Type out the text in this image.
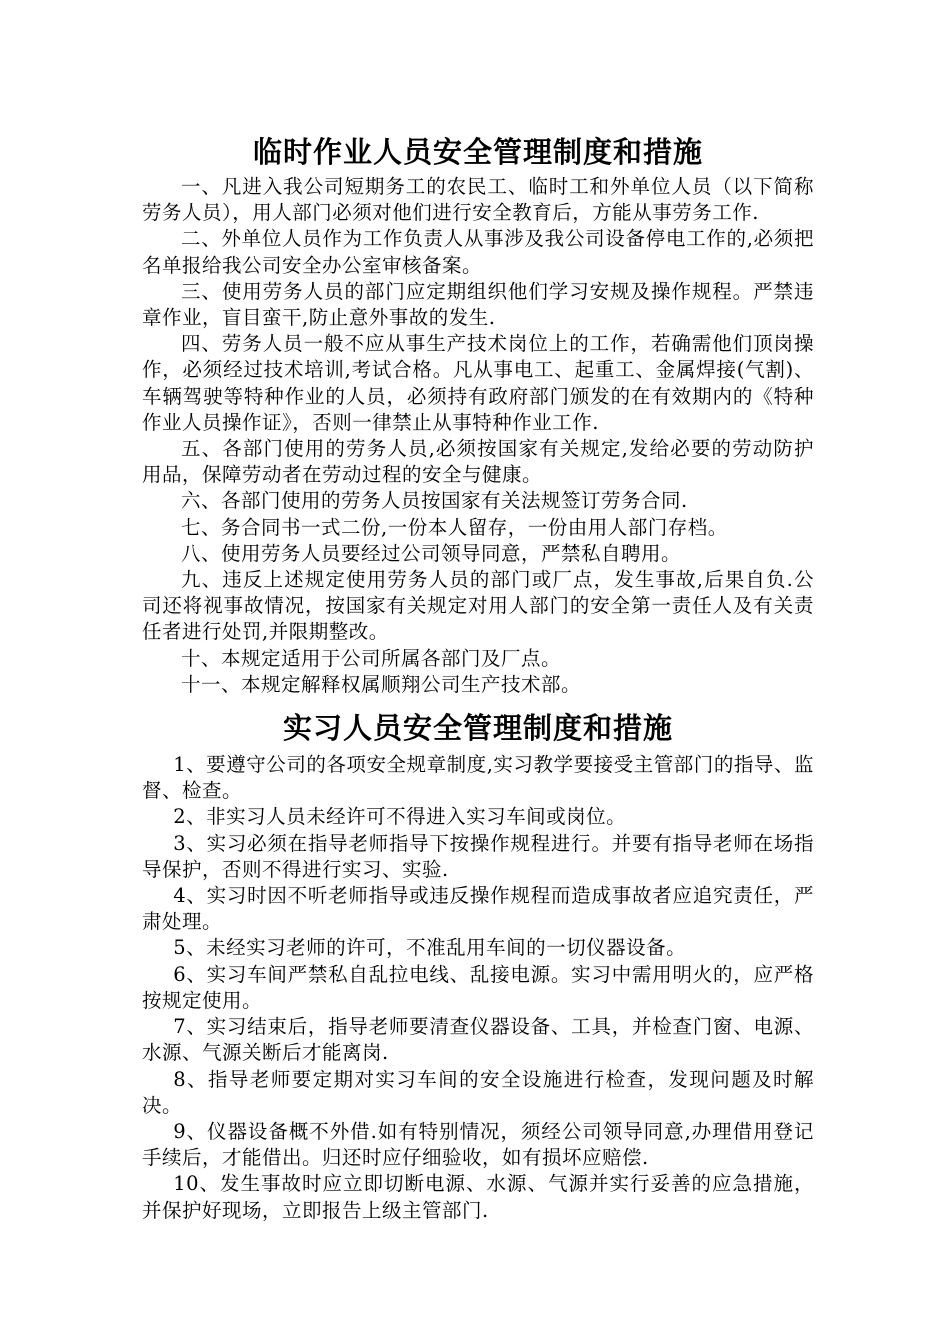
临时作业人员安全管理制度和措施

一、凡进入我公司短期务工的农民工、临时工和外单位人员（以下简称劳务人员），用人部门必须对他们进行安全教育后，方能从事劳务工作.

二、外单位人员作为工作负责人从事涉及我公司设备停电工作的,必须把名单报给我公司安全办公室审核备案。

三、使用劳务人员的部门应定期组织他们学习安规及操作规程。严禁违章作业，盲目蛮干,防止意外事故的发生.

四、劳务人员一般不应从事生产技术岗位上的工作，若确需他们顶岗操作，必须经过技术培训,考试合格。凡从事电工、起重工、金属焊接(气割)、车辆驾驶等特种作业的人员，必须持有政府部门颁发的在有效期内的《特种作业人员操作证》，否则一律禁止从事特种作业工作.

五、各部门使用的劳务人员,必须按国家有关规定,发给必要的劳动防护用品，保障劳动者在劳动过程的安全与健康。

六、各部门使用的劳务人员按国家有关法规签订劳务合同.

七、务合同书一式二份,一份本人留存，一份由用人部门存档。

八、使用劳务人员要经过公司领导同意，严禁私自聘用。

九、违反上述规定使用劳务人员的部门或厂点，发生事故,后果自负.公司还将视事故情况，按国家有关规定对用人部门的安全第一责任人及有关责任者进行处罚,并限期整改。

十、本规定适用于公司所属各部门及厂点。

十一、本规定解释权属顺翔公司生产技术部。

实习人员安全管理制度和措施

1、要遵守公司的各项安全规章制度,实习教学要接受主管部门的指导、监督、检查。

2、非实习人员未经许可不得进入实习车间或岗位。

3、实习必须在指导老师指导下按操作规程进行。并要有指导老师在场指导保护，否则不得进行实习、实验.

4、实习时因不听老师指导或违反操作规程而造成事故者应追究责任，严肃处理。

5、未经实习老师的许可，不准乱用车间的一切仪器设备。

6、实习车间严禁私自乱拉电线、乱接电源。实习中需用明火的，应严格按规定使用。

7、实习结束后，指导老师要清查仪器设备、工具，并检查门窗、电源、水源、气源关断后才能离岗.

8、指导老师要定期对实习车间的安全设施进行检查，发现问题及时解决。

9、仪器设备概不外借.如有特别情况，须经公司领导同意,办理借用登记手续后，才能借出。归还时应仔细验收，如有损坏应赔偿.

10、发生事故时应立即切断电源、水源、气源并实行妥善的应急措施，并保护好现场，立即报告上级主管部门.
